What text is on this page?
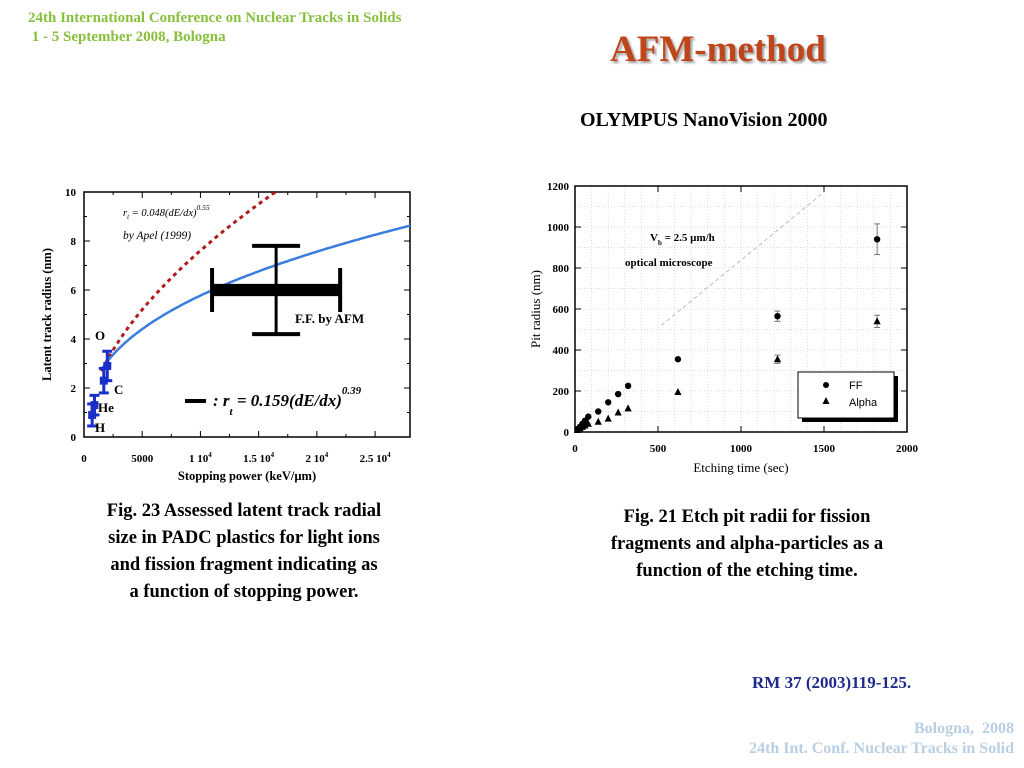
24th International Conference on Nuclear Tracks in Solids
1 - 5 September 2008, Bologna	AFM-method
OLYMPUS NanoVision 2000
0	5000	1 $10^4$	1.5 $10^4$	2 $10^4$	2.5 $10^4$
0
2
4
6
8
10
Stopping power (keV/µm)
Latent track radius (nm)
H
He
C
O
F.F. by AFM
$r_t = 0.048(dE/dx)^{0.55}$
by Apel (1999)
: $r_t = 0.159(dE/dx)^{0.39}$
0	500	1000	1500	2000
0
200
400
600
800
1000
1200
Etching time (sec)
Pit radius (nm)
$V_b = 2.5$ µm/h
optical microscope
FF
Alpha
Fig. 23 Assessed latent track radial
size in PADC plastics for light ions
and fission fragment indicating as
a function of stopping power.
Fig. 21 Etch pit radii for fission
fragments and alpha-particles as a
function of the etching time.
RM 37 (2003)119-125.
Bologna,  2008
24th Int. Conf. Nuclear Tracks in Solid
